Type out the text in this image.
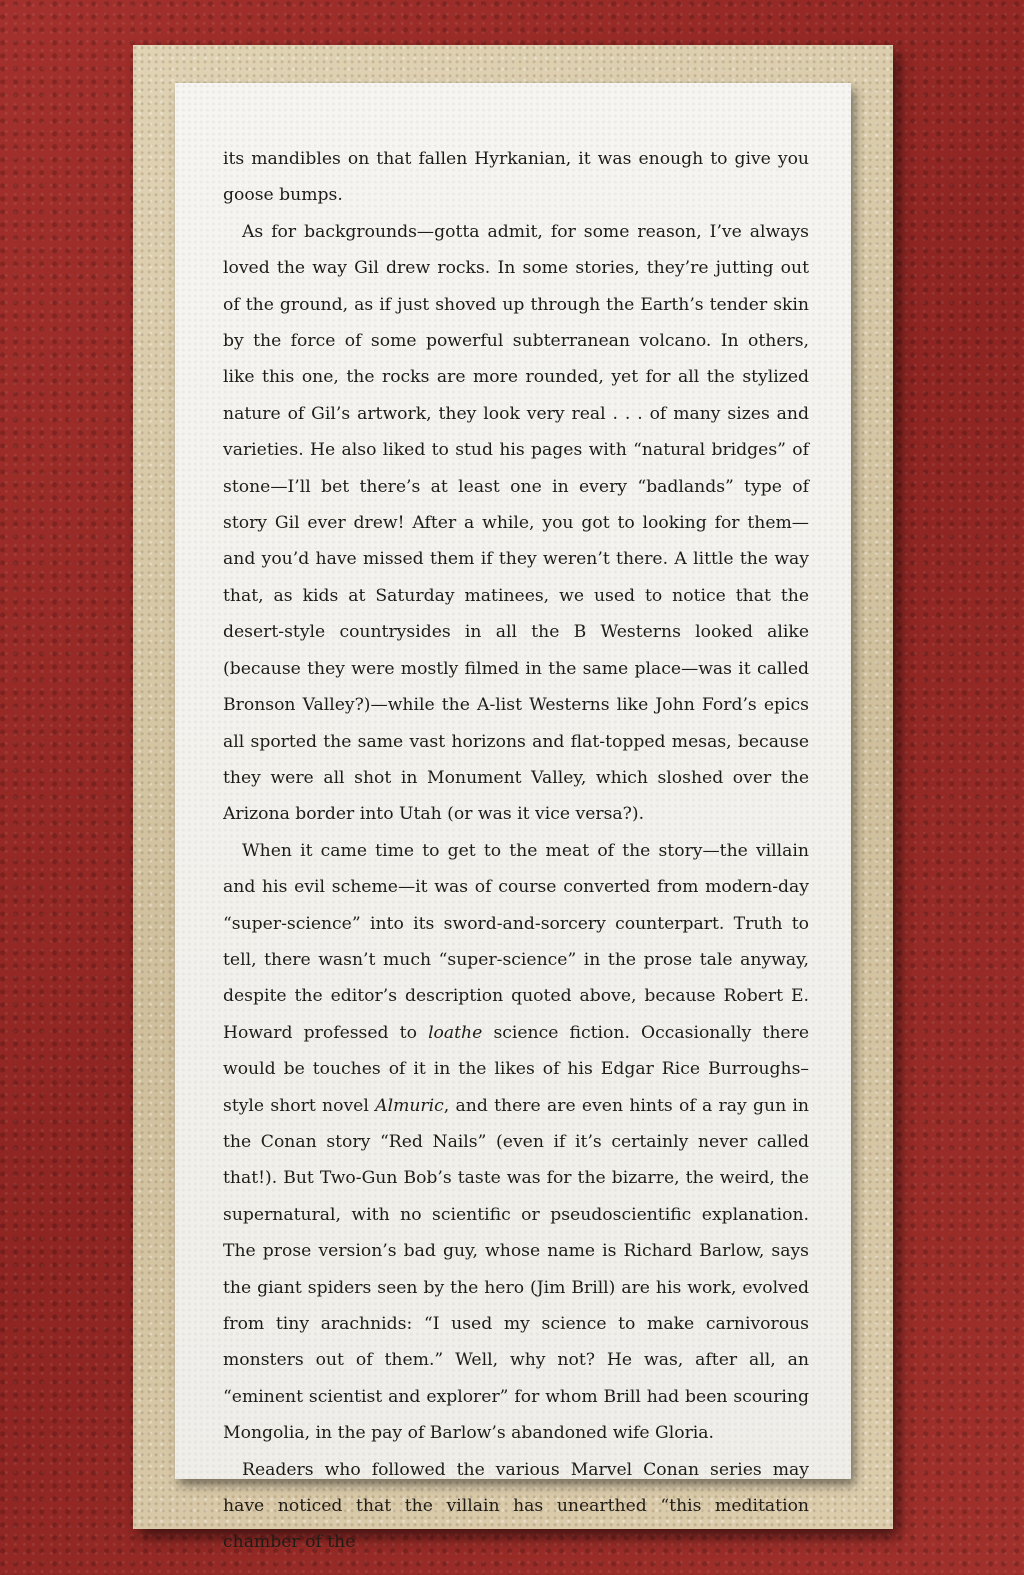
its mandibles on that fallen Hyrkanian, it was enough to give you goose bumps.

As for backgrounds—gotta admit, for some reason, I’ve always loved the way Gil drew rocks. In some stories, they’re jutting out of the ground, as if just shoved up through the Earth’s tender skin by the force of some powerful subterranean volcano. In others, like this one, the rocks are more rounded, yet for all the stylized nature of Gil’s artwork, they look very real . . . of many sizes and varieties. He also liked to stud his pages with “natural bridges” of stone—I’ll bet there’s at least one in every “badlands” type of story Gil ever drew! After a while, you got to looking for them—and you’d have missed them if they weren’t there. A little the way that, as kids at Saturday matinees, we used to notice that the desert-style countrysides in all the B Westerns looked alike (because they were mostly filmed in the same place—was it called Bronson Valley?)—while the A-list Westerns like John Ford’s epics all sported the same vast horizons and flat-topped mesas, because they were all shot in Monument Valley, which sloshed over the Arizona border into Utah (or was it vice versa?).

When it came time to get to the meat of the story—the villain and his evil scheme—it was of course converted from modern-day “super-science” into its sword-and-sorcery counterpart. Truth to tell, there wasn’t much “super-science” in the prose tale anyway, despite the editor’s description quoted above, because Robert E. Howard professed to loathe science fiction. Occasionally there would be touches of it in the likes of his Edgar Rice Burroughs–style short novel Almuric, and there are even hints of a ray gun in the Conan story “Red Nails” (even if it’s certainly never called that!). But Two-Gun Bob’s taste was for the bizarre, the weird, the supernatural, with no scientific or pseudoscientific explanation. The prose version’s bad guy, whose name is Richard Barlow, says the giant spiders seen by the hero (Jim Brill) are his work, evolved from tiny arachnids: “I used my science to make carnivorous monsters out of them.” Well, why not? He was, after all, an “eminent scientist and explorer” for whom Brill had been scouring Mongolia, in the pay of Barlow’s abandoned wife Gloria.

Readers who followed the various Marvel Conan series may have noticed that the villain has unearthed “this meditation chamber of the
